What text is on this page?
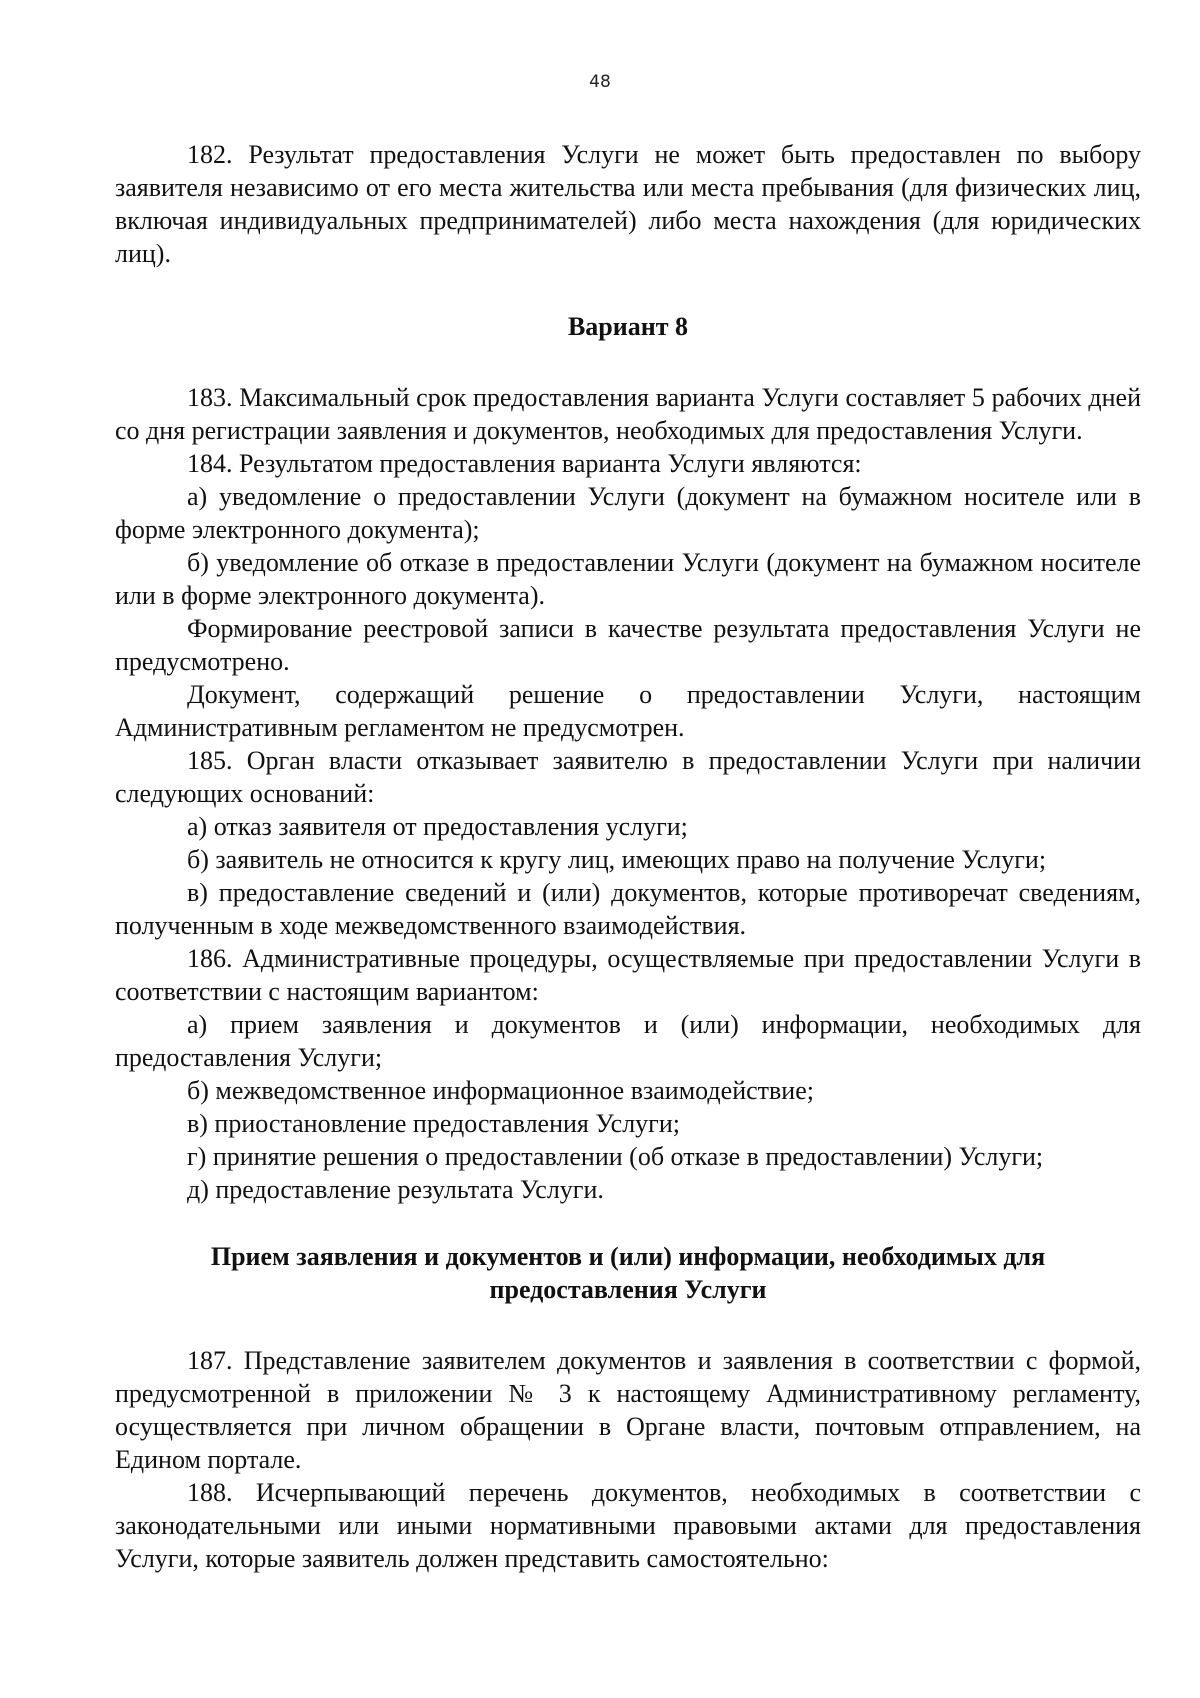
48

182. Результат предоставления Услуги не может быть предоставлен по выбору заявителя независимо от его места жительства или места пребывания (для физических лиц, включая индивидуальных предпринимателей) либо места нахождения (для юридических лиц).

Вариант 8

183. Максимальный срок предоставления варианта Услуги составляет 5 рабочих дней со дня регистрации заявления и документов, необходимых для предоставления Услуги.

184. Результатом предоставления варианта Услуги являются:

а) уведомление о предоставлении Услуги (документ на бумажном носителе или в форме электронного документа);

б) уведомление об отказе в предоставлении Услуги (документ на бумажном носителе или в форме электронного документа).

Формирование реестровой записи в качестве результата предоставления Услуги не предусмотрено.

Документ, содержащий решение о предоставлении Услуги, настоящим Административным регламентом не предусмотрен.

185. Орган власти отказывает заявителю в предоставлении Услуги при наличии следующих оснований:

а) отказ заявителя от предоставления услуги;

б) заявитель не относится к кругу лиц, имеющих право на получение Услуги;

в) предоставление сведений и (или) документов, которые противоречат сведениям, полученным в ходе межведомственного взаимодействия.

186. Административные процедуры, осуществляемые при предоставлении Услуги в соответствии с настоящим вариантом:

а) прием заявления и документов и (или) информации, необходимых для предоставления Услуги;

б) межведомственное информационное взаимодействие;

в) приостановление предоставления Услуги;

г) принятие решения о предоставлении (об отказе в предоставлении) Услуги;

д) предоставление результата Услуги.

Прием заявления и документов и (или) информации, необходимых для
предоставления Услуги

187. Представление заявителем документов и заявления в соответствии с формой, предусмотренной в приложении № 3 к настоящему Административному регламенту, осуществляется при личном обращении в Органе власти, почтовым отправлением, на Едином портале.

188. Исчерпывающий перечень документов, необходимых в соответствии с законодательными или иными нормативными правовыми актами для предоставления Услуги, которые заявитель должен представить самостоятельно:
